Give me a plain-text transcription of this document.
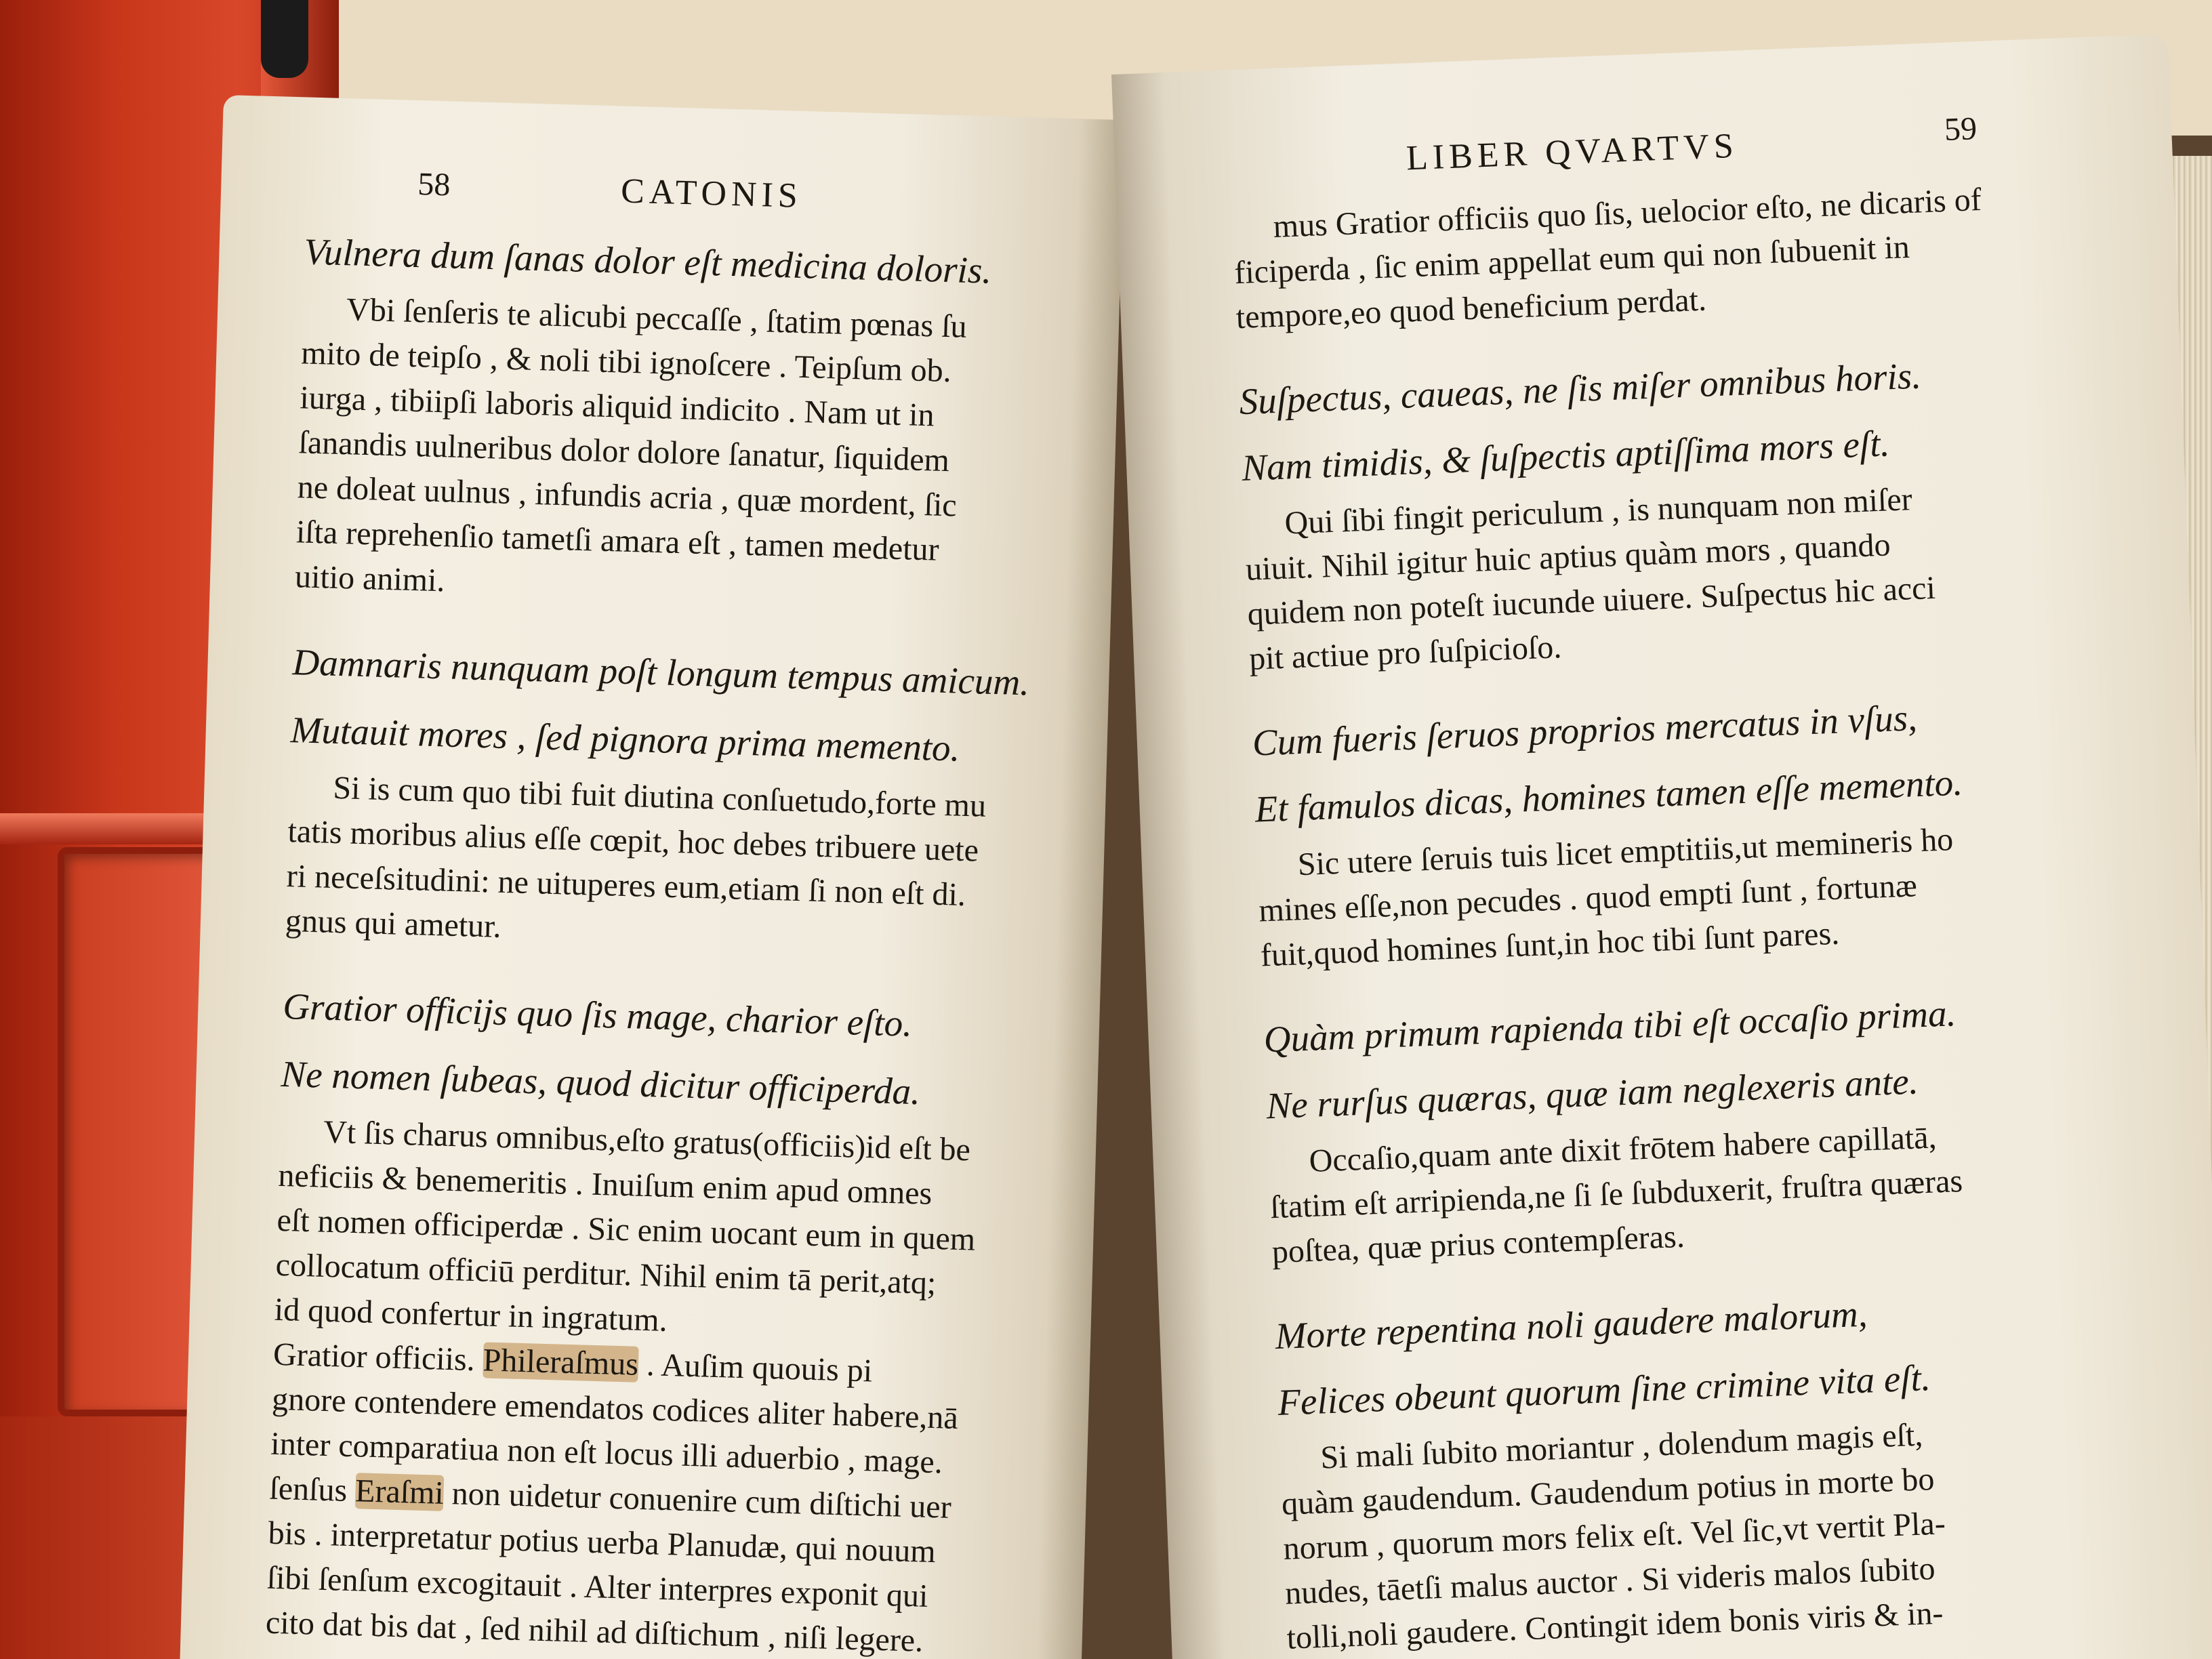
58	CATONIS
Vulnera dum ſanas dolor eſt medicina doloris.
Vbi ſenſeris te alicubi peccaſſe , ſtatim pœnas ſu
mito de teipſo , & noli tibi ignoſcere . Teipſum ob.
iurga , tibiipſi laboris aliquid indicito . Nam ut in
ſanandis uulneribus dolor dolore ſanatur, ſiquidem
ne doleat uulnus , infundis acria , quæ mordent, ſic
iſta reprehenſio tametſi amara eſt , tamen medetur
uitio animi.
Damnaris nunquam poſt longum tempus amicum.
Mutauit mores , ſed pignora prima memento.
Si is cum quo tibi fuit diutina conſuetudo,forte mu
tatis moribus alius eſſe cœpit, hoc debes tribuere uete
ri neceſsitudini: ne uituperes eum,etiam ſi non eſt di.
gnus qui ametur.
Gratior officijs quo ſis mage, charior eſto.
Ne nomen ſubeas, quod dicitur officiperda.
Vt ſis charus omnibus,eſto gratus(officiis)id eſt be
neficiis & benemeritis . Inuiſum enim apud omnes
eſt nomen officiperdæ . Sic enim uocant eum in quem
collocatum officiū perditur. Nihil enim tā perit,atq;
id quod confertur in ingratum.
Gratior officiis. Phileraſmus . Auſim quouis pi
gnore contendere emendatos codices aliter habere,nā
inter comparatiua non eſt locus illi aduerbio , mage.
ſenſus Eraſmi non uidetur conuenire cum diſtichi uer
bis . interpretatur potius uerba Planudæ, qui nouum
ſibi ſenſum excogitauit . Alter interpres exponit qui
cito dat bis dat , ſed nihil ad diſtichum , niſi legere.
LIBER QVARTVS	59
mus Gratior officiis quo ſis, uelocior eſto, ne dicaris of
ficiperda , ſic enim appellat eum qui non ſubuenit in
tempore,eo quod beneficium perdat.
Suſpectus, caueas, ne ſis miſer omnibus horis.
Nam timidis, & ſuſpectis aptiſſima mors eſt.
Qui ſibi fingit periculum , is nunquam non miſer
uiuit. Nihil igitur huic aptius quàm mors , quando
quidem non poteſt iucunde uiuere. Suſpectus hic acci
pit actiue pro ſuſpicioſo.
Cum fueris ſeruos proprios mercatus in vſus,
Et famulos dicas, homines tamen eſſe memento.
Sic utere ſeruis tuis licet emptitiis,ut memineris ho
mines eſſe,non pecudes . quod empti ſunt , fortunæ
fuit,quod homines ſunt,in hoc tibi ſunt pares.
Quàm primum rapienda tibi eſt occaſio prima.
Ne rurſus quæras, quæ iam neglexeris ante.
Occaſio,quam ante dixit frōtem habere capillatā,
ſtatim eſt arripienda,ne ſi ſe ſubduxerit, fruſtra quæras
poſtea, quæ prius contempſeras.
Morte repentina noli gaudere malorum,
Felices obeunt quorum ſine crimine vita eſt.
Si mali ſubito moriantur , dolendum magis eſt,
quàm gaudendum. Gaudendum potius in morte bo
norum , quorum mors felix eſt. Vel ſic,vt vertit Pla-
nudes, tāetſi malus auctor . Si videris malos ſubito
tolli,noli gaudere. Contingit idem bonis viris & in-
